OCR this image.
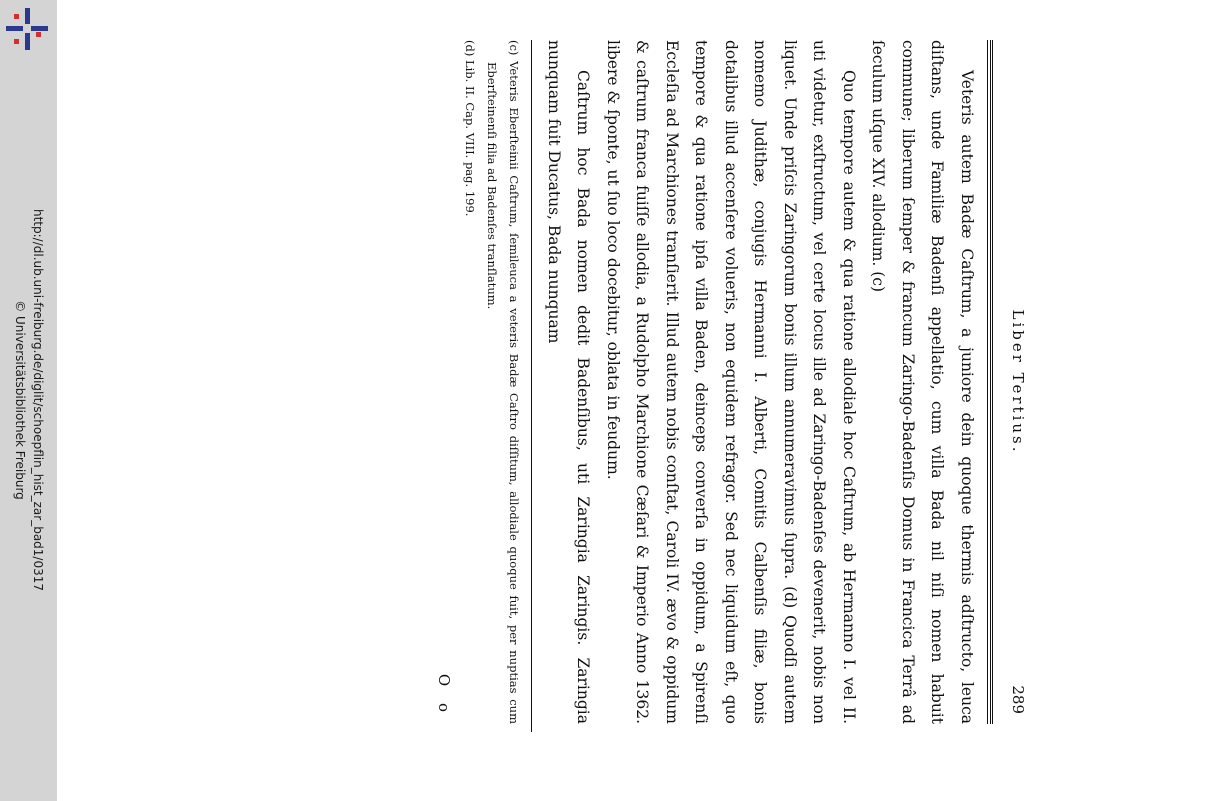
http://dl.ub.uni-freiburg.de/diglit/schoepflin_hist_zar_bad1/0317
© Universitätsbibliothek Freiburg	Liber Tertius.
289

Veteris autem Badæ Caſtrum, a juniore dein quoque thermis adſtructo, leuca diſtans, unde Familiæ Badenſi appellatio, cum villa Bada nil niſi nomen habuit commune; liberum ſemper & francum Zaringo-Badenſis Domus in Francica Terrâ ad ſeculum uſque XIV. allodium. (c)

Quo tempore autem & qua ratione allodiale hoc Caſtrum, ab Hermanno I. vel II. uti videtur, exſtructum, vel certe locus ille ad Zaringo-Badenſes devenerit, nobis non liquet. Unde priſcis Zaringorum bonis illum annumeravimus ſupra. (d) Quodſi autem nomemo Judithæ, conjugis Hermanni I. Alberti, Comitis Calbenſis filiæ, bonis dotalibus illud accenſere volueris, non equidem refragor. Sed nec liquidum eſt, quo tempore & qua ratione ipſa villa Baden, deinceps converſa in oppidum, a Spirenſi Eccleſia ad Marchiones tranſierit. Illud autem nobis conſtat, Caroli IV. ævo & oppidum & caſtrum franca fuiſſe allodia, a Rudolpho Marchione Cæſari & Imperio Anno 1362. libere & ſponte, ut ſuo loco docebitur, oblata in feudum.

Caſtrum hoc Bada nomen dedit Badenſibus, uti Zaringia Zaringis. Zaringia nunquam fuit Ducatus, Bada nunquam

(c) Veteris Eberſteinii Caſtrum, ſemileuca a veteris Badæ Caſtro diſſitum, allodiale quoque fuit, per nuptias cum Eberſteinenſi filia ad Badenſes tranſlatum.

(d) Lib. II. Cap. VIII. pag. 199.

O o
